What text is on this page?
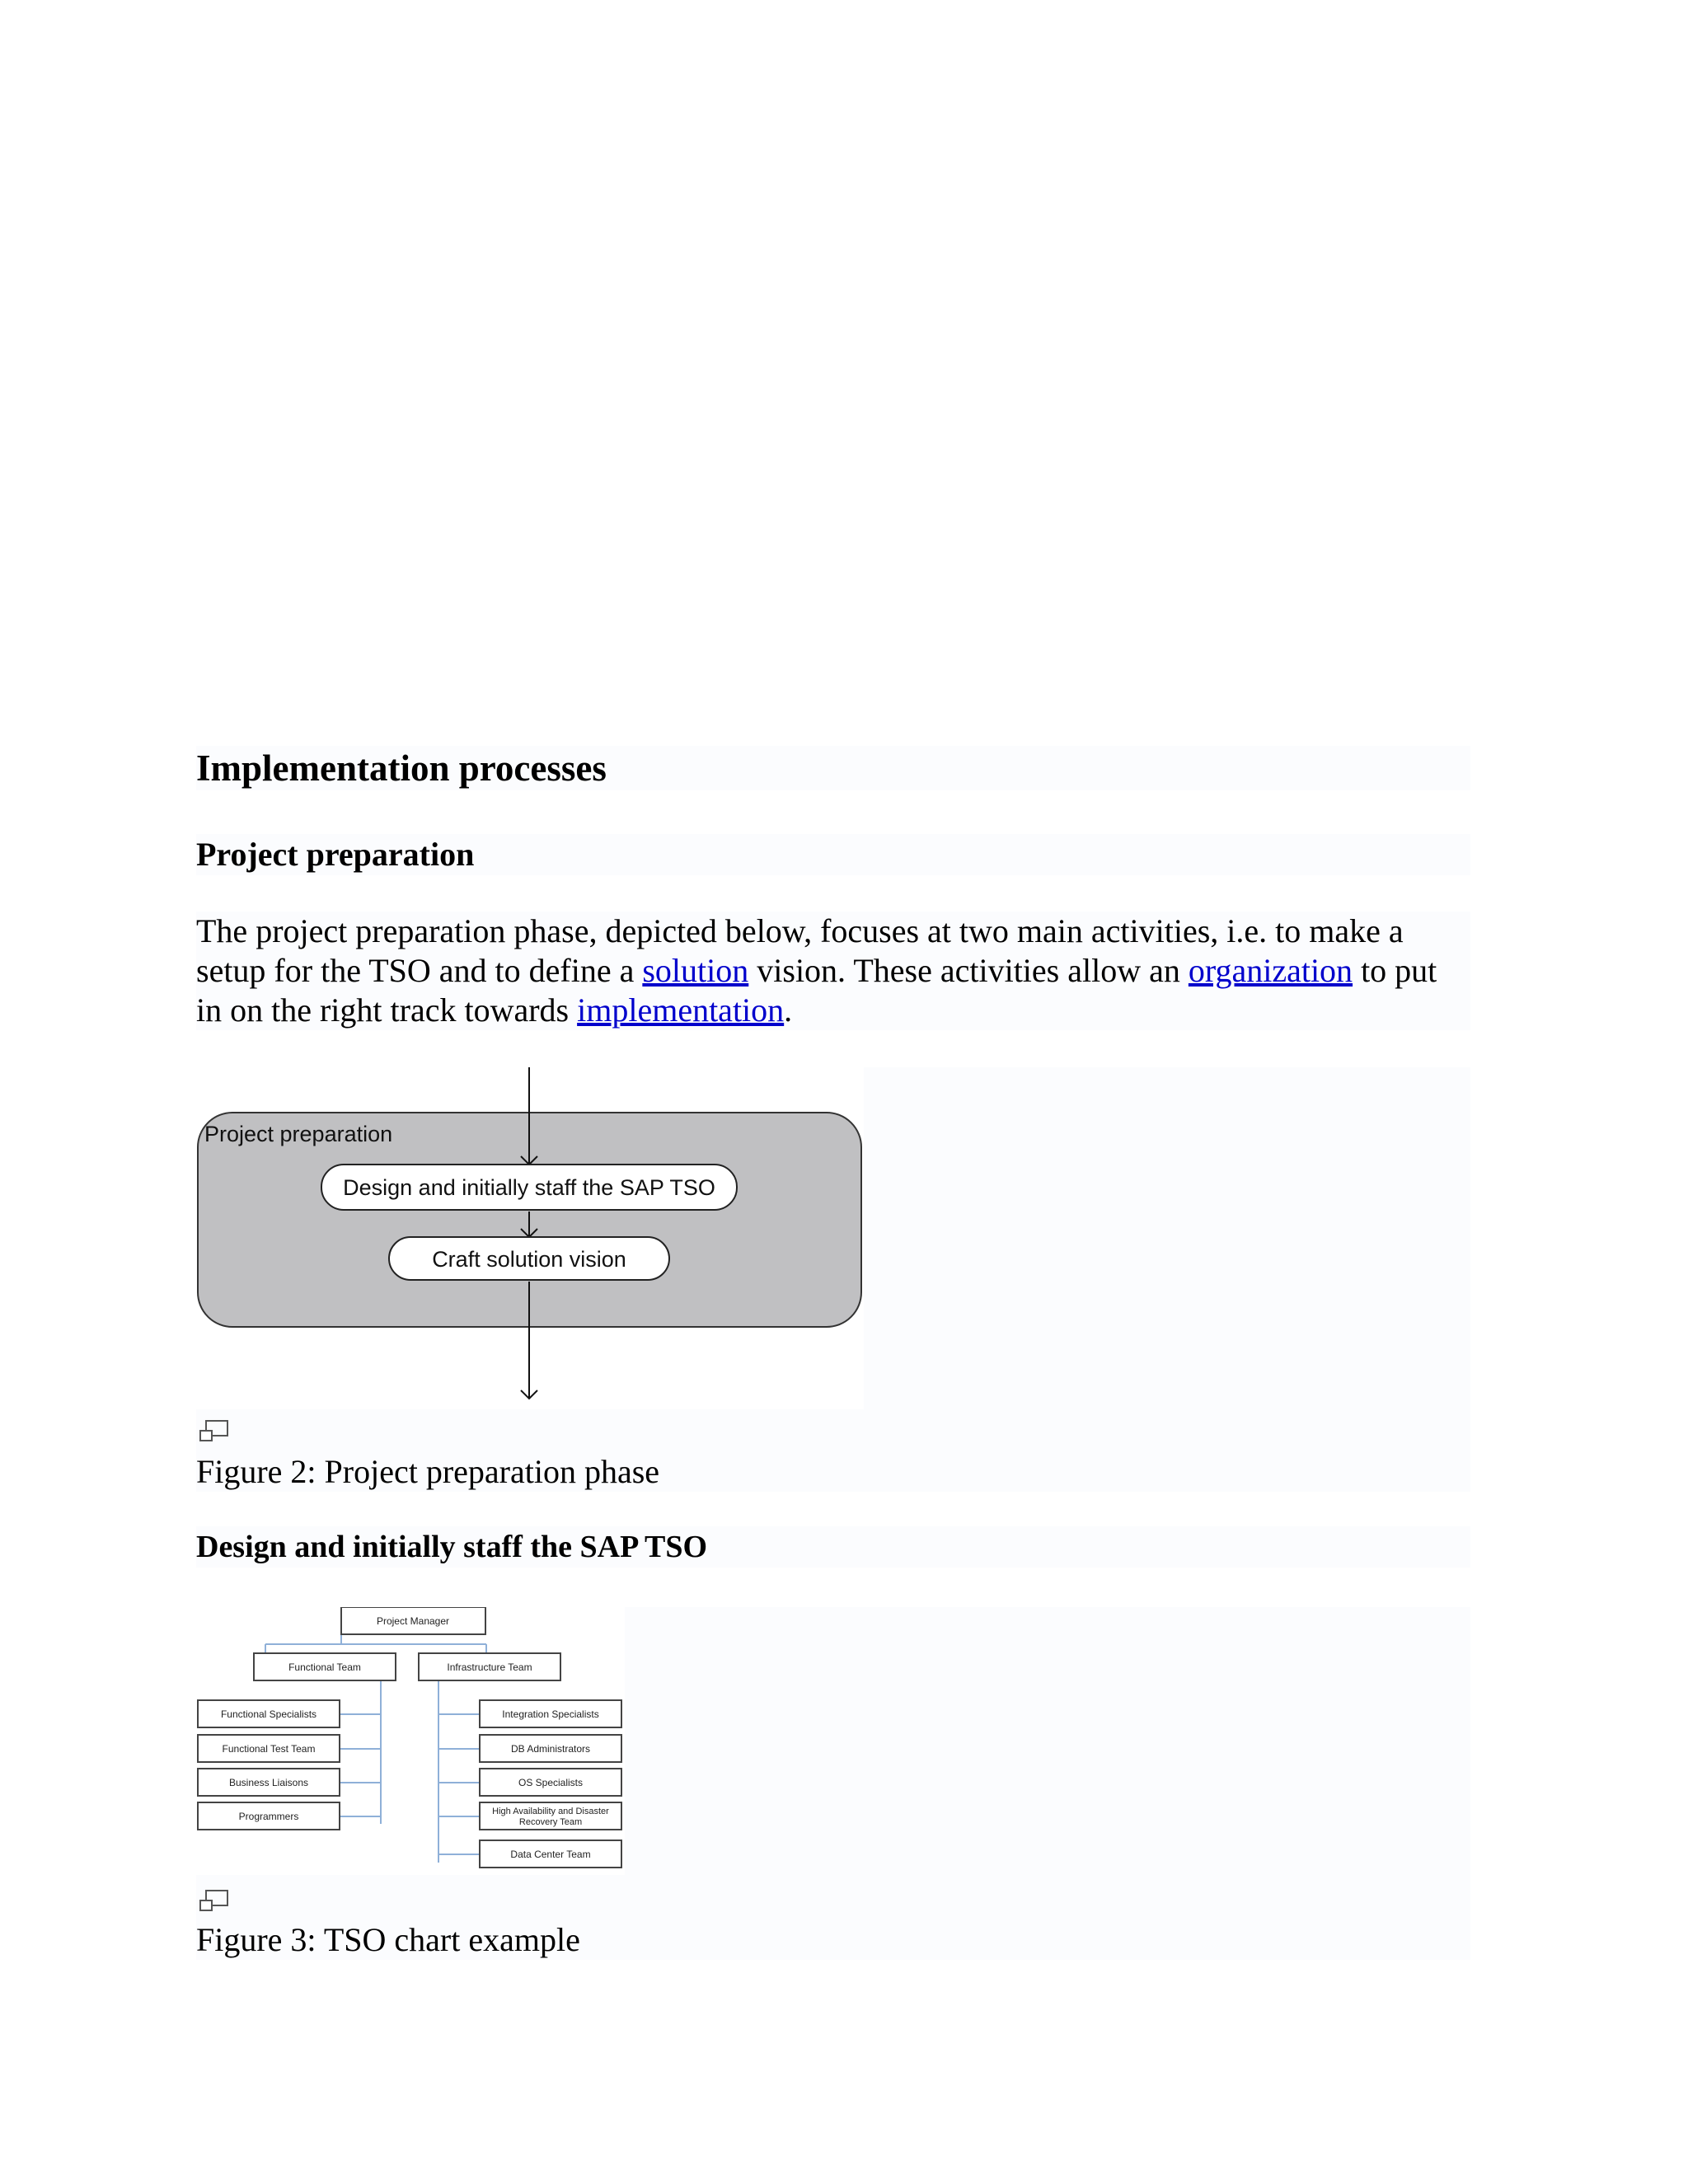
Implementation processes
Project preparation
The project preparation phase, depicted below, focuses at two main activities, i.e. to make a setup for the TSO and to define a solution vision. These activities allow an organization to put in on the right track towards implementation.
Project preparation
Design and initially staff the SAP TSO
Craft solution vision
Figure 2: Project preparation phase
Design and initially staff the SAP TSO
Project Manager
Functional Team	Infrastructure Team
Functional Specialists
Functional Test Team
Business Liaisons
Programmers
Integration Specialists
DB Administrators
OS Specialists
High Availability and Disaster
Recovery Team
Data Center Team
Figure 3: TSO chart example
